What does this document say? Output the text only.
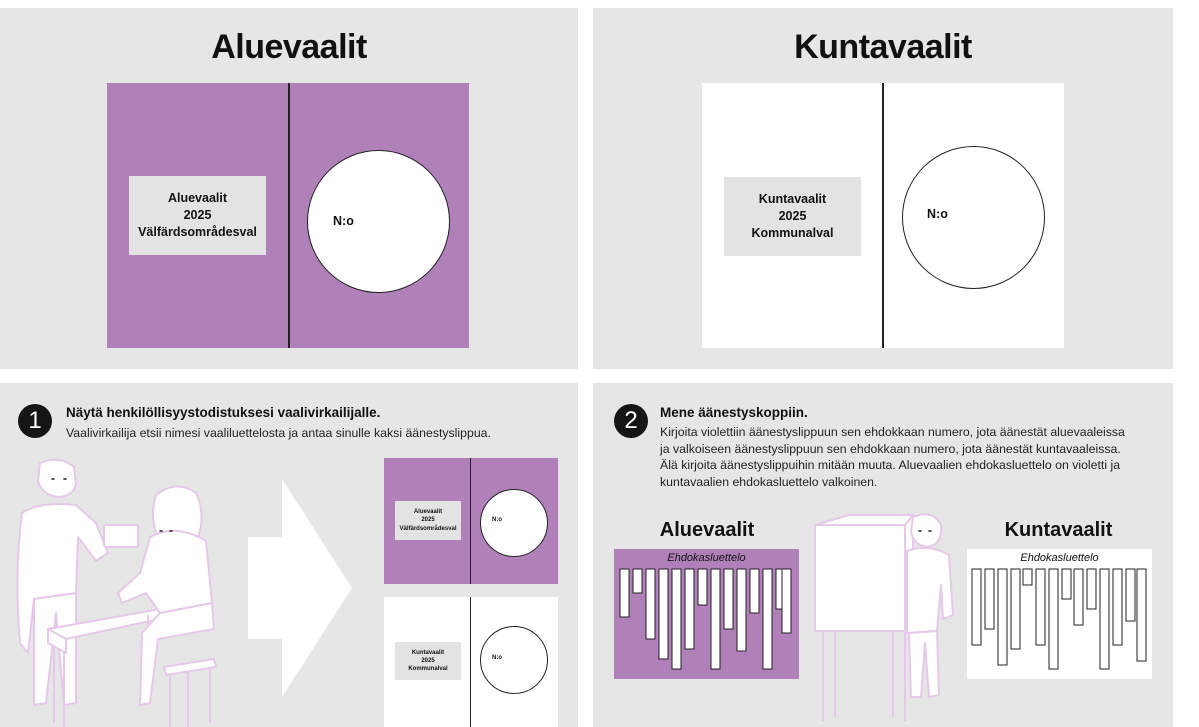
Aluevaalit
Aluevaalit
2025
Välfärdsområdesval
N:o
Kuntavaalit
Kuntavaalit
2025
Kommunalval
N:o
1	Näytä henkilöllisyystodistuksesi vaalivirkailijalle.
Vaalivirkailija etsii nimesi vaaliluettelosta ja antaa sinulle kaksi äänestyslippua.
Aluevaalit
2025
Välfärdsområdesval
N:o
Kuntavaalit
2025
Kommunalval
N:o
2	Mene äänestyskoppiin.
Kirjoita violettiin äänestyslippuun sen ehdokkaan numero, jota äänestät aluevaaleissa
ja valkoiseen äänestyslippuun sen ehdokkaan numero, jota äänestät kuntavaaleissa.
Älä kirjoita äänestyslippuihin mitään muuta. Aluevaalien ehdokasluettelo on violetti ja
kuntavaalien ehdokasluettelo valkoinen.
Aluevaalit
Ehdokasluettelo
Kuntavaalit
Ehdokasluettelo
